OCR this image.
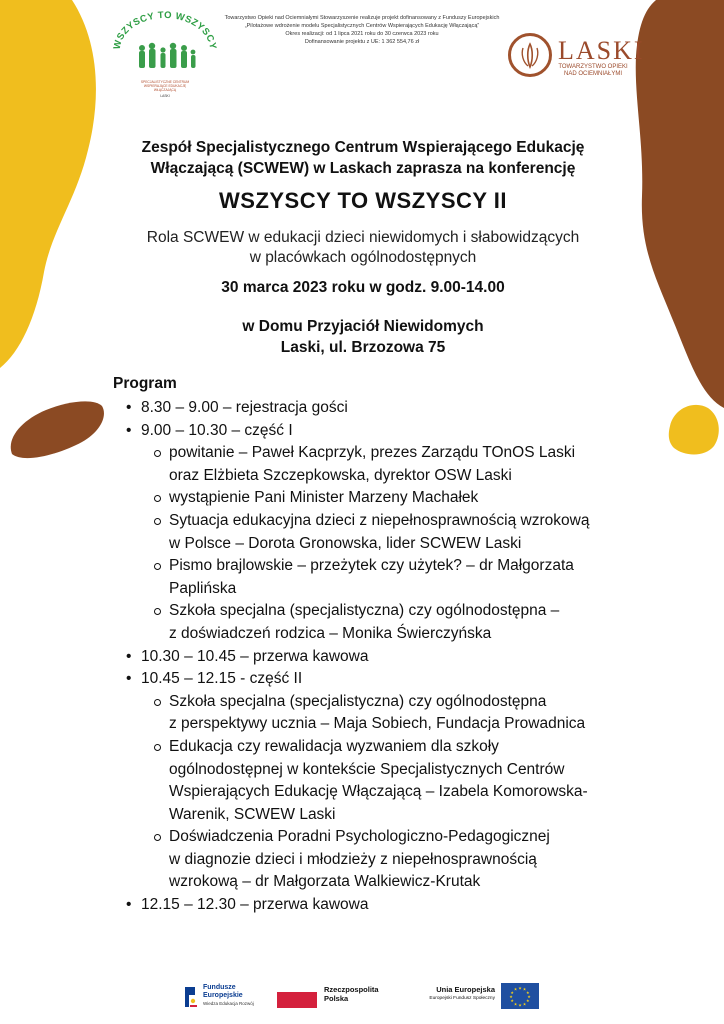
WSZYSCY TO WSZYSCY
SPECJALISTYCZNE CENTRUM
WSPIERAJĄCE EDUKACJĘ
WŁĄCZAJĄCĄ
LASKI
Towarzystwo Opieki nad Ociemniałymi Stowarzyszenie realizuje projekt dofinansowany z Funduszy Europejskich
„Pilotażowe wdrożenie modelu Specjalistycznych Centrów Wspierających Edukację Włączającą”
Okres realizacji: od 1 lipca 2021 roku do 30 czerwca 2023 roku
Dofinansowanie projektu z UE: 1 362 554,76 zł	LASKI
TOWARZYSTWO OPIEKI
NAD OCIEMNIAŁYMI
Zespół Specjalistycznego Centrum Wspierającego Edukację
Włączającą (SCWEW) w Laskach zaprasza na konferencję
WSZYSCY TO WSZYSCY II
Rola SCWEW w edukacji dzieci niewidomych i słabowidzących
w placówkach ogólnodostępnych
30 marca 2023 roku w godz. 9.00-14.00
w Domu Przyjaciół Niewidomych
Laski, ul. Brzozowa 75
Program
• 8.30 – 9.00 – rejestracja gości
• 9.00 – 10.30 – część I
powitanie – Paweł Kacprzyk, prezes Zarządu TOnOS Laski
oraz Elżbieta Szczepkowska, dyrektor OSW Laski
wystąpienie Pani Minister Marzeny Machałek
Sytuacja edukacyjna dzieci z niepełnosprawnością wzrokową
w Polsce – Dorota Gronowska, lider SCWEW Laski
Pismo brajlowskie – przeżytek czy użytek? – dr Małgorzata
Paplińska
Szkoła specjalna (specjalistyczna) czy ogólnodostępna –
z doświadczeń rodzica – Monika Świerczyńska
• 10.30 – 10.45 – przerwa kawowa
• 10.45 – 12.15 - część II
Szkoła specjalna (specjalistyczna) czy ogólnodostępna
z perspektywy ucznia – Maja Sobiech, Fundacja Prowadnica
Edukacja czy rewalidacja wyzwaniem dla szkoły
ogólnodostępnej w kontekście Specjalistycznych Centrów
Wspierających Edukację Włączającą – Izabela Komorowska-
Warenik, SCWEW Laski
Doświadczenia Poradni Psychologiczno-Pedagogicznej
w diagnozie dzieci i młodzieży z niepełnosprawnością
wzrokową – dr Małgorzata Walkiewicz-Krutak
• 12.15 – 12.30 – przerwa kawowa
Fundusze
Europejskie
Wiedza Edukacja Rozwój
Rzeczpospolita
Polska
Unia Europejska
Europejski Fundusz Społeczny
★ ★
★
★
★
★
★
★
★
★
★
★
